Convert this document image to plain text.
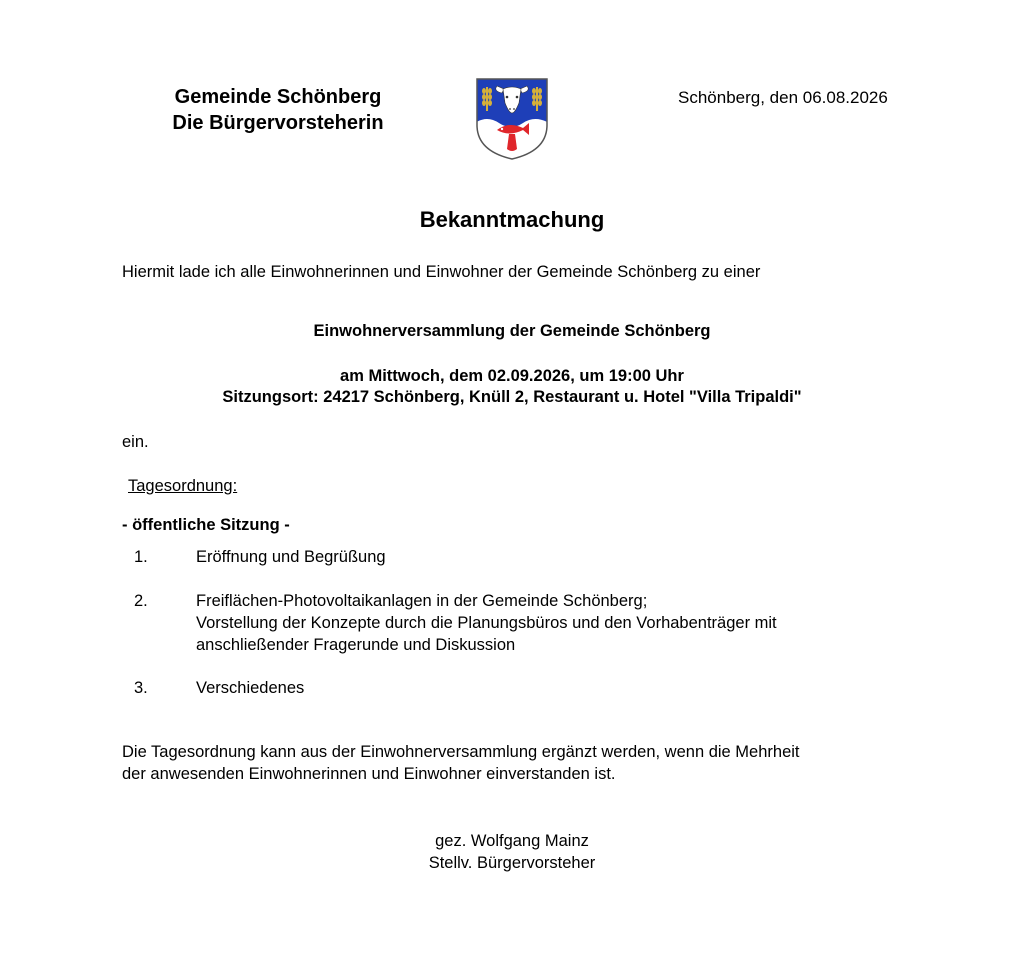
Gemeinde Schönberg
Die Bürgervorsteherin
Schönberg, den 06.08.2026
Bekanntmachung
Hiermit lade ich alle Einwohnerinnen und Einwohner der Gemeinde Schönberg zu einer
Einwohnerversammlung der Gemeinde Schönberg
am Mittwoch, dem 02.09.2026, um 19:00 Uhr
Sitzungsort: 24217 Schönberg, Knüll 2, Restaurant u. Hotel "Villa Tripaldi"
ein.
Tagesordnung:
- öffentliche Sitzung -
1.	Eröffnung und Begrüßung
2.	Freiflächen-Photovoltaikanlagen in der Gemeinde Schönberg;
Vorstellung der Konzepte durch die Planungsbüros und den Vorhabenträger mit
anschließender Fragerunde und Diskussion
3.	Verschiedenes
Die Tagesordnung kann aus der Einwohnerversammlung ergänzt werden, wenn die Mehrheit
der anwesenden Einwohnerinnen und Einwohner einverstanden ist.
gez. Wolfgang Mainz
Stellv. Bürgervorsteher
